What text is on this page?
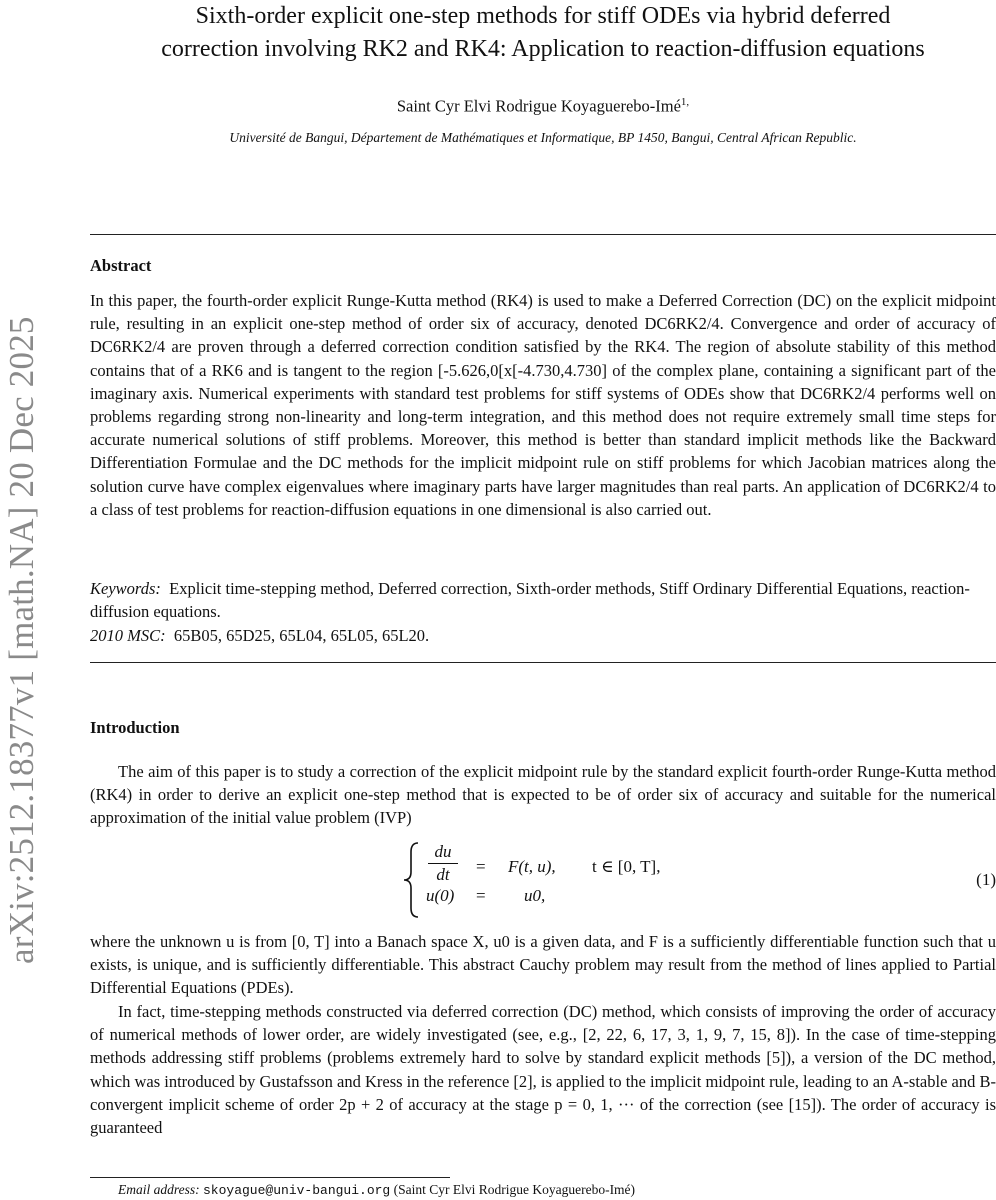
arXiv:2512.18377v1 [math.NA] 20 Dec 2025
Sixth-order explicit one-step methods for stiff ODEs via hybrid deferred
correction involving RK2 and RK4: Application to reaction-diffusion equations
Saint Cyr Elvi Rodrigue Koyaguerebo-Imé$^{1,}$
Université de Bangui, Département de Mathématiques et Informatique, BP 1450, Bangui, Central African Republic.
Abstract
In this paper, the fourth-order explicit Runge-Kutta method (RK4) is used to make a Deferred Correction (DC) on the explicit midpoint rule, resulting in an explicit one-step method of order six of accuracy, denoted DC6RK2/4. Convergence and order of accuracy of DC6RK2/4 are proven through a deferred correction condition satisfied by the RK4. The region of absolute stability of this method contains that of a RK6 and is tangent to the region [-5.626,0[x[-4.730,4.730] of the complex plane, containing a significant part of the imaginary axis. Numerical experiments with standard test problems for stiff systems of ODEs show that DC6RK2/4 performs well on problems regarding strong non-linearity and long-term integration, and this method does not require extremely small time steps for accurate numerical solutions of stiff problems. Moreover, this method is better than standard implicit methods like the Backward Differentiation Formulae and the DC methods for the implicit midpoint rule on stiff problems for which Jacobian matrices along the solution curve have complex eigenvalues where imaginary parts have larger magnitudes than real parts. An application of DC6RK2/4 to a class of test problems for reaction-diffusion equations in one dimensional is also carried out.
Keywords: Explicit time-stepping method, Deferred correction, Sixth-order methods, Stiff Ordinary Differential Equations, reaction-diffusion equations.
2010 MSC: 65B05, 65D25, 65L04, 65L05, 65L20.
Introduction
The aim of this paper is to study a correction of the explicit midpoint rule by the standard explicit fourth-order Runge-Kutta method (RK4) in order to derive an explicit one-step method that is expected to be of order six of accuracy and suitable for the numerical approximation of the initial value problem (IVP)
du
dt	= F(t, u), t ∈ [0, T],
u(0) = u0,
(1)
where the unknown u is from [0, T] into a Banach space X, u0 is a given data, and F is a sufficiently differentiable function such that u exists, is unique, and is sufficiently differentiable. This abstract Cauchy problem may result from the method of lines applied to Partial Differential Equations (PDEs).
In fact, time-stepping methods constructed via deferred correction (DC) method, which consists of improving the order of accuracy of numerical methods of lower order, are widely investigated (see, e.g., [2, 22, 6, 17, 3, 1, 9, 7, 15, 8]). In the case of time-stepping methods addressing stiff problems (problems extremely hard to solve by standard explicit methods [5]), a version of the DC method, which was introduced by Gustafsson and Kress in the reference [2], is applied to the implicit midpoint rule, leading to an A-stable and B-convergent implicit scheme of order 2p + 2 of accuracy at the stage p = 0, 1, ··· of the correction (see [15]). The order of accuracy is guaranteed
Email address: skoyague@univ-bangui.org (Saint Cyr Elvi Rodrigue Koyaguerebo-Imé)
